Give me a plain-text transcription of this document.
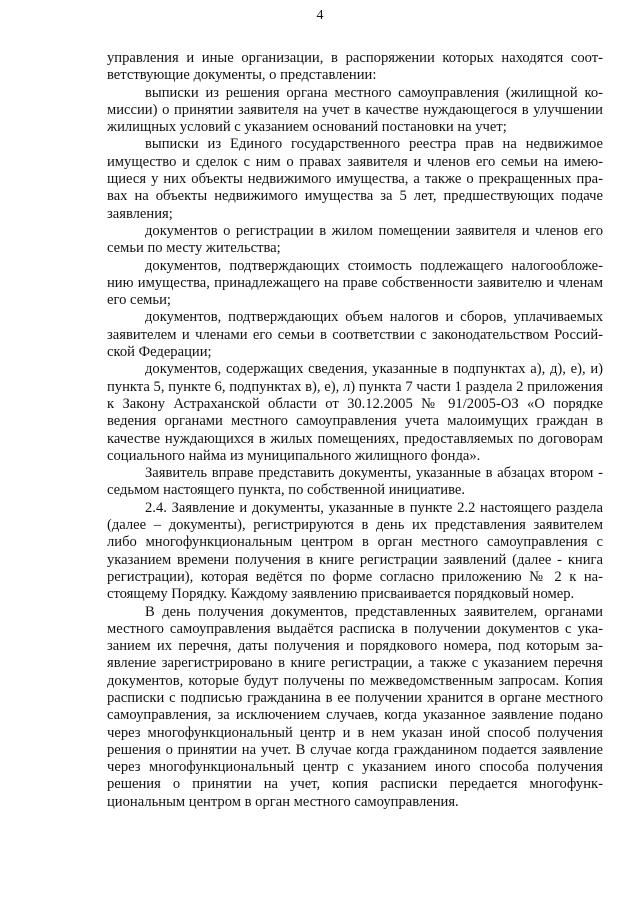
4

управления и иные организации, в распоряжении которых находятся соответствующие документы, о представлении:

выписки из решения органа местного самоуправления (жилищной комиссии) о принятии заявителя на учет в качестве нуждающегося в улучшении жилищных условий с указанием оснований постановки на учет;

выписки из Единого государственного реестра прав на недвижимое имущество и сделок с ним о правах заявителя и членов его семьи на имеющиеся у них объекты недвижимого имущества, а также о прекращенных правах на объекты недвижимого имущества за 5 лет, предшествующих подаче заявления;

документов о регистрации в жилом помещении заявителя и членов его семьи по месту жительства;

документов, подтверждающих стоимость подлежащего налогообложению имущества, принадлежащего на праве собственности заявителю и членам его семьи;

документов, подтверждающих объем налогов и сборов, уплачиваемых заявителем и членами его семьи в соответствии с законодательством Российской Федерации;

документов, содержащих сведения, указанные в подпунктах а), д), е), и) пункта 5, пункте 6, подпунктах в), е), л) пункта 7 части 1 раздела 2 приложения к Закону Астраханской области от 30.12.2005 № 91/2005-ОЗ «О порядке ведения органами местного самоуправления учета малоимущих граждан в качестве нуждающихся в жилых помещениях, предоставляемых по договорам социального найма из муниципального жилищного фонда».

Заявитель вправе представить документы, указанные в абзацах втором - седьмом настоящего пункта, по собственной инициативе.

2.4. Заявление и документы, указанные в пункте 2.2 настоящего раздела (далее – документы), регистрируются в день их представления заявителем либо многофункциональным центром в орган местного самоуправления с указанием времени получения в книге регистрации заявлений (далее - книга регистрации), которая ведётся по форме согласно приложению № 2 к настоящему Порядку. Каждому заявлению присваивается порядковый номер.

В день получения документов, представленных заявителем, органами местного самоуправления выдаётся расписка в получении документов с указанием их перечня, даты получения и порядкового номера, под которым заявление зарегистрировано в книге регистрации, а также с указанием перечня документов, которые будут получены по межведомственным запросам. Копия расписки с подписью гражданина в ее получении хранится в органе местного самоуправления, за исключением случаев, когда указанное заявление подано через многофункциональный центр и в нем указан иной способ получения решения о принятии на учет. В случае когда гражданином подается заявление через многофункциональный центр с указанием иного способа получения решения о принятии на учет, копия расписки передается многофункциональным центром в орган местного самоуправления.
